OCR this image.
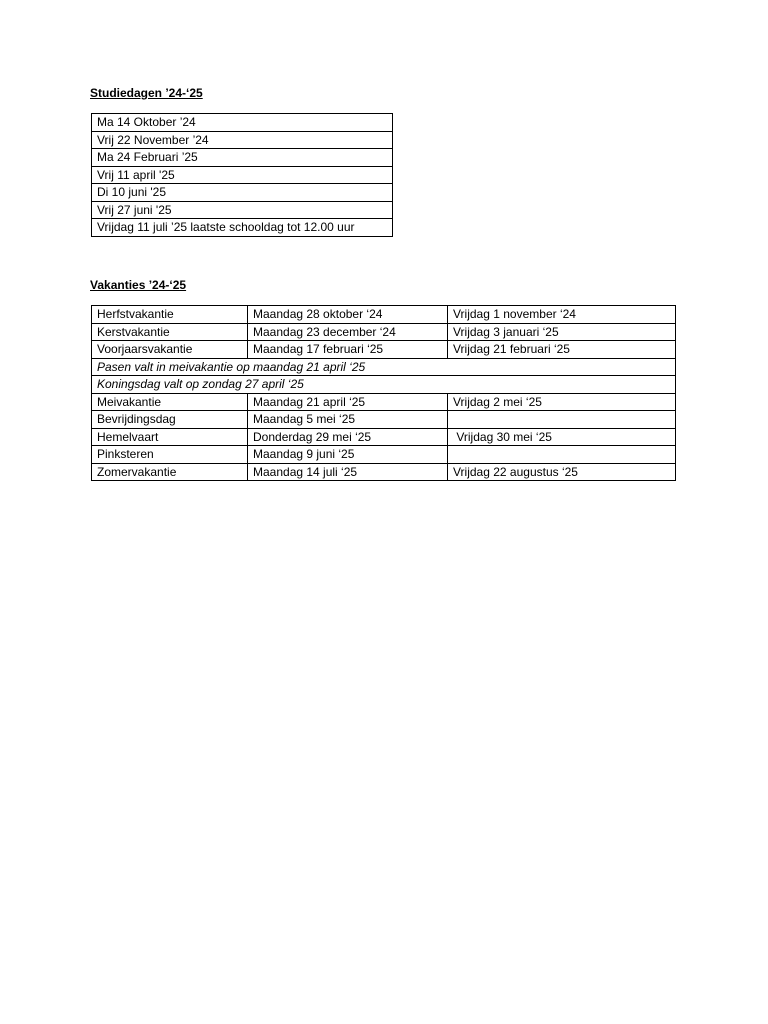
Studiedagen ’24-‘25

Ma 14 Oktober ’24
Vrij 22 November ’24
Ma 24 Februari ’25
Vrij 11 april '25
Di 10 juni '25
Vrij 27 juni '25
Vrijdag 11 juli ’25 laatste schooldag tot 12.00 uur

Vakanties ’24-‘25

Herfstvakantie	Maandag 28 oktober ‘24	Vrijdag 1 november ‘24
Kerstvakantie	Maandag 23 december ‘24	Vrijdag 3 januari ‘25
Voorjaarsvakantie	Maandag 17 februari ‘25	Vrijdag 21 februari ‘25
Pasen valt in meivakantie op maandag 21 april ‘25		
Koningsdag valt op zondag 27 april ‘25		
Meivakantie	Maandag 21 april ‘25	Vrijdag 2 mei ‘25
Bevrijdingsdag	Maandag 5 mei ‘25	
Hemelvaart	Donderdag 29 mei ‘25	Vrijdag 30 mei ‘25
Pinksteren	Maandag 9 juni ‘25	
Zomervakantie	Maandag 14 juli ‘25	Vrijdag 22 augustus ‘25
